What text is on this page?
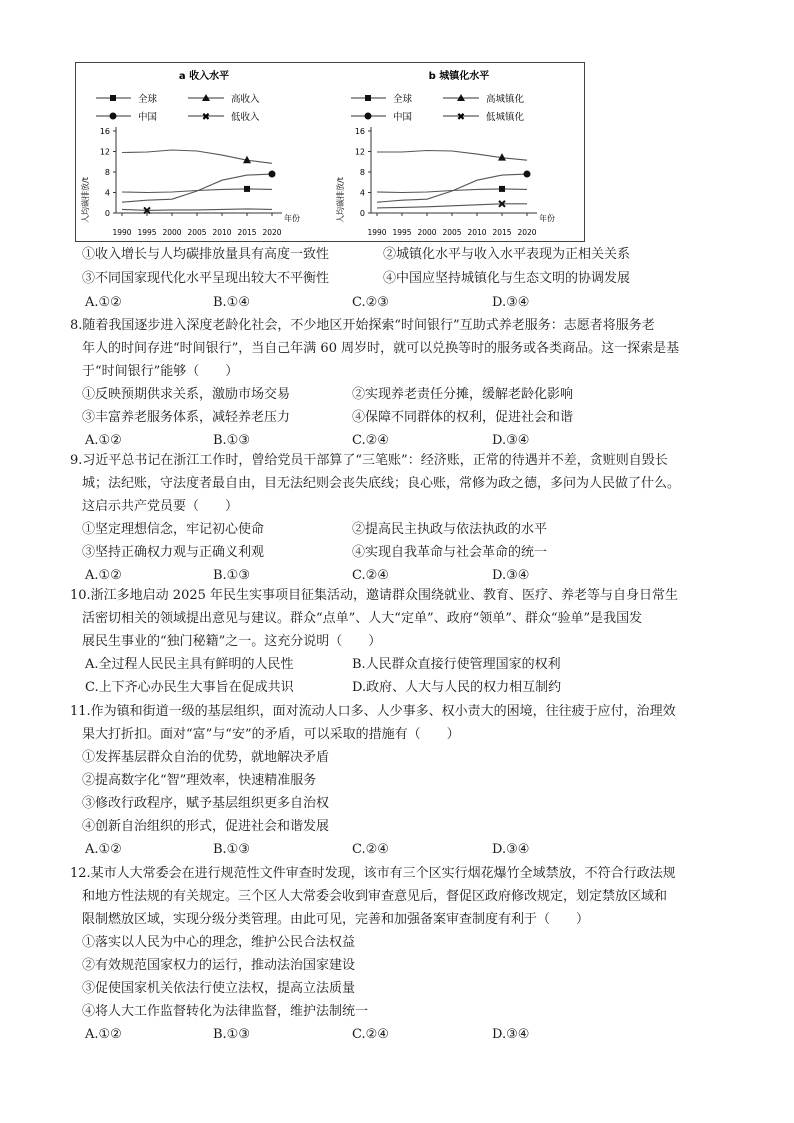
a 收入水平
全球	高收入
中国	✖ 低收入
人均碳排放/t 0
4
8
12
16
1990 1995 2000 2005 2010 2015 2020
年份
b 城镇化水平
全球	高城镇化
中国	✖ 低城镇化
人均碳排放/t 0
4
8
12
16
1990 1995 2000 2005 2010 2015 2020
年份
①收入增长与人均碳排放量具有高度一致性	②城镇化水平与收入水平表现为正相关关系
③不同国家现代化水平呈现出较大不平衡性	④中国应坚持城镇化与生态文明的协调发展
A.①②	B.①④	C.②③	D.③④
8.随着我国逐步进入深度老龄化社会，不少地区开始探索“时间银行”互助式养老服务：志愿者将服务老
年人的时间存进“时间银行”，当自己年满 60 周岁时，就可以兑换等时的服务或各类商品。这一探索是基
于“时间银行”能够（　　）
①反映预期供求关系，激励市场交易	②实现养老责任分摊，缓解老龄化影响
③丰富养老服务体系，减轻养老压力	④保障不同群体的权利，促进社会和谐
A.①②	B.①③	C.②④	D.③④
9.习近平总书记在浙江工作时，曾给党员干部算了“三笔账”：经济账，正常的待遇并不差，贪赃则自毁长
城；法纪账，守法度者最自由，目无法纪则会丧失底线；良心账，常修为政之德，多问为人民做了什么。
这启示共产党员要（　　）
①坚定理想信念，牢记初心使命	②提高民主执政与依法执政的水平
③坚持正确权力观与正确义利观	④实现自我革命与社会革命的统一
A.①②	B.①③	C.②④	D.③④
10.浙江多地启动 2025 年民生实事项目征集活动，邀请群众围绕就业、教育、医疗、养老等与自身日常生
活密切相关的领域提出意见与建议。群众“点单”、人大“定单”、政府“领单”、群众“验单”是我国发
展民生事业的“独门秘籍”之一。这充分说明（　　）
A.全过程人民民主具有鲜明的人民性	B.人民群众直接行使管理国家的权利
C.上下齐心办民生大事旨在促成共识	D.政府、人大与人民的权力相互制约
11.作为镇和街道一级的基层组织，面对流动人口多、人少事多、权小责大的困境，往往疲于应付，治理效
果大打折扣。面对“富”与“安”的矛盾，可以采取的措施有（　　）
①发挥基层群众自治的优势，就地解决矛盾
②提高数字化“智”理效率，快速精准服务
③修改行政程序，赋予基层组织更多自治权
④创新自治组织的形式，促进社会和谐发展
A.①②	B.①③	C.②④	D.③④
12.某市人大常委会在进行规范性文件审查时发现，该市有三个区实行烟花爆竹全域禁放，不符合行政法规
和地方性法规的有关规定。三个区人大常委会收到审查意见后，督促区政府修改规定，划定禁放区域和
限制燃放区域，实现分级分类管理。由此可见，完善和加强备案审查制度有利于（　　）
①落实以人民为中心的理念，维护公民合法权益
②有效规范国家权力的运行，推动法治国家建设
③促使国家机关依法行使立法权，提高立法质量
④将人大工作监督转化为法律监督，维护法制统一
A.①②	B.①③	C.②④	D.③④
